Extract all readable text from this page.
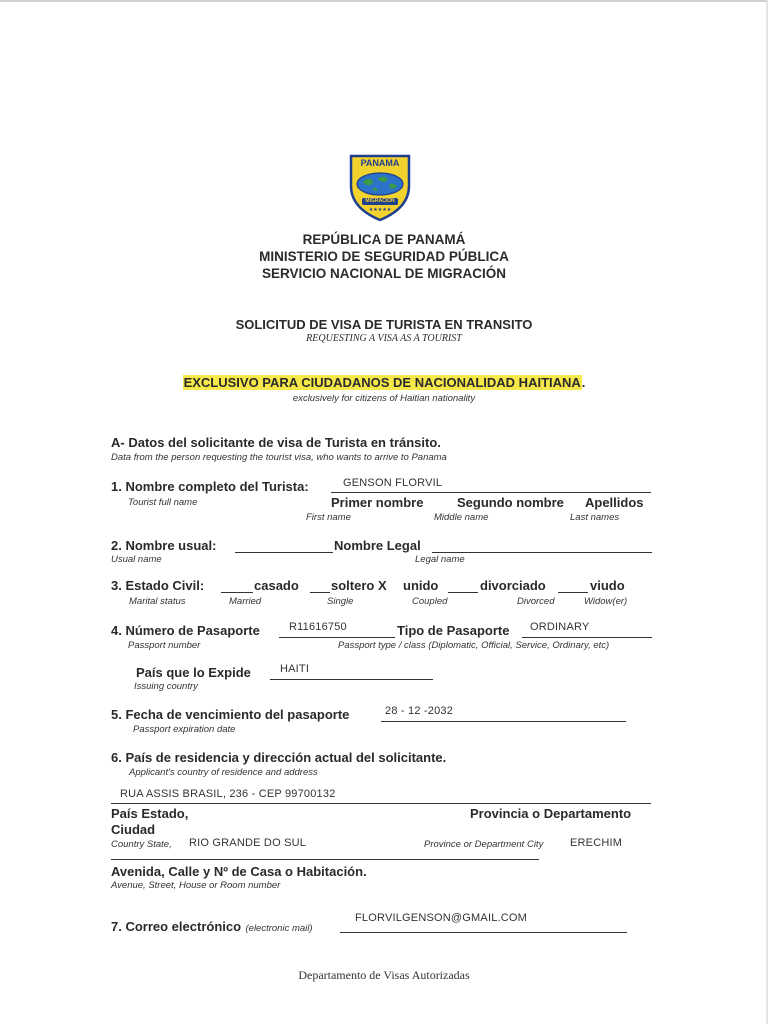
★★★★★
PANAMA
MIGRACIÓN
REPÚBLICA DE PANAMÁ
MINISTERIO DE SEGURIDAD PÚBLICA
SERVICIO NACIONAL DE MIGRACIÓN
SOLICITUD DE VISA DE TURISTA EN TRANSITO
REQUESTING A VISA AS A TOURIST
EXCLUSIVO PARA CIUDADANOS DE NACIONALIDAD HAITIANA.
exclusively for citizens of Haitian nationality
A- Datos del solicitante de visa de Turista en tránsito.
Data from the person requesting the tourist visa, who wants to arrive to Panama
1. Nombre completo del Turista:	GENSON FLORVIL
Tourist full name	Primer nombre	Segundo nombre Apellidos
First name	Middle name	Last names
2. Nombre usual:	Nombre Legal
Usual name	Legal name
3. Estado Civil:	casado soltero X unido	divorciado	viudo
Marital status	Married	Single	Coupled	Divorced	Widow(er)
4. Número de Pasaporte	R11616750	Tipo de Pasaporte ORDINARY
Passport number	Passport type / class (Diplomatic, Official, Service, Ordinary, etc)
País que lo Expide	HAITI
Issuing country
5. Fecha de vencimiento del pasaporte	28 - 12 -2032
Passport expiration date
6. País de residencia y dirección actual del solicitante.
Applicant's country of residence and address
RUA ASSIS BRASIL, 236 - CEP 99700132
País Estado,	Provincia o Departamento
Ciudad
Country State, RIO GRANDE DO SUL	Province or Department City ERECHIM
Avenida, Calle y Nº de Casa o Habitación.
Avenue, Street, House or Room number
7. Correo electrónico (electronic mail)
FLORVILGENSON@GMAIL.COM
Departamento de Visas Autorizadas
